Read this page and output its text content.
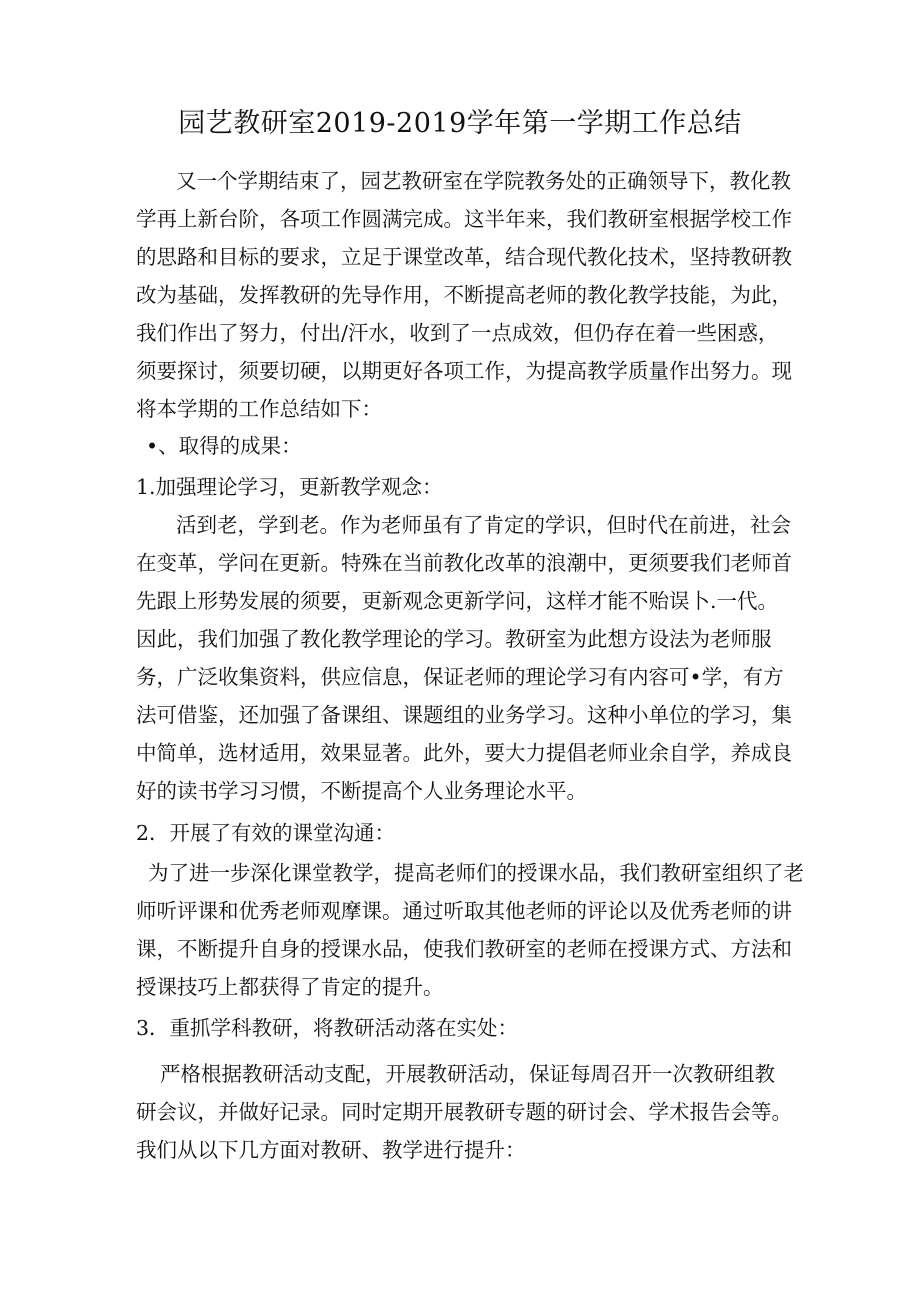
园艺教研室2019-2019学年第一学期工作总结

又一个学期结束了，园艺教研室在学院教务处的正确领导下，教化教

学再上新台阶，各项工作圆满完成。这半年来，我们教研室根据学校工作

的思路和目标的要求，立足于课堂改革，结合现代教化技术，坚持教研教

改为基础，发挥教研的先导作用，不断提高老师的教化教学技能，为此，

我们作出了努力，付出/汗水，收到了一点成效，但仍存在着一些困惑，

须要探讨，须要切硬，以期更好各项工作，为提高教学质量作出努力。现

将本学期的工作总结如下：

•、取得的成果：

1.加强理论学习，更新教学观念：

活到老，学到老。作为老师虽有了肯定的学识，但时代在前进，社会

在变革，学问在更新。特殊在当前教化改革的浪潮中，更须要我们老师首

先跟上形势发展的须要，更新观念更新学问，这样才能不贻误卜.一代。

因此，我们加强了教化教学理论的学习。教研室为此想方设法为老师服

务，广泛收集资料，供应信息，保证老师的理论学习有内容可•学，有方

法可借鉴，还加强了备课组、课题组的业务学习。这种小单位的学习，集

中简单，选材适用，效果显著。此外，要大力提倡老师业余自学，养成良

好的读书学习习惯，不断提高个人业务理论水平。

2．开展了有效的课堂沟通：

为了进一步深化课堂教学，提高老师们的授课水品，我们教研室组织了老

师听评课和优秀老师观摩课。通过听取其他老师的评论以及优秀老师的讲

课，不断提升自身的授课水品，使我们教研室的老师在授课方式、方法和

授课技巧上都获得了肯定的提升。

3．重抓学科教研，将教研活动落在实处：

严格根据教研活动支配，开展教研活动，保证每周召开一次教研组教

研会议，并做好记录。同时定期开展教研专题的研讨会、学术报告会等。

我们从以下几方面对教研、教学进行提升：
